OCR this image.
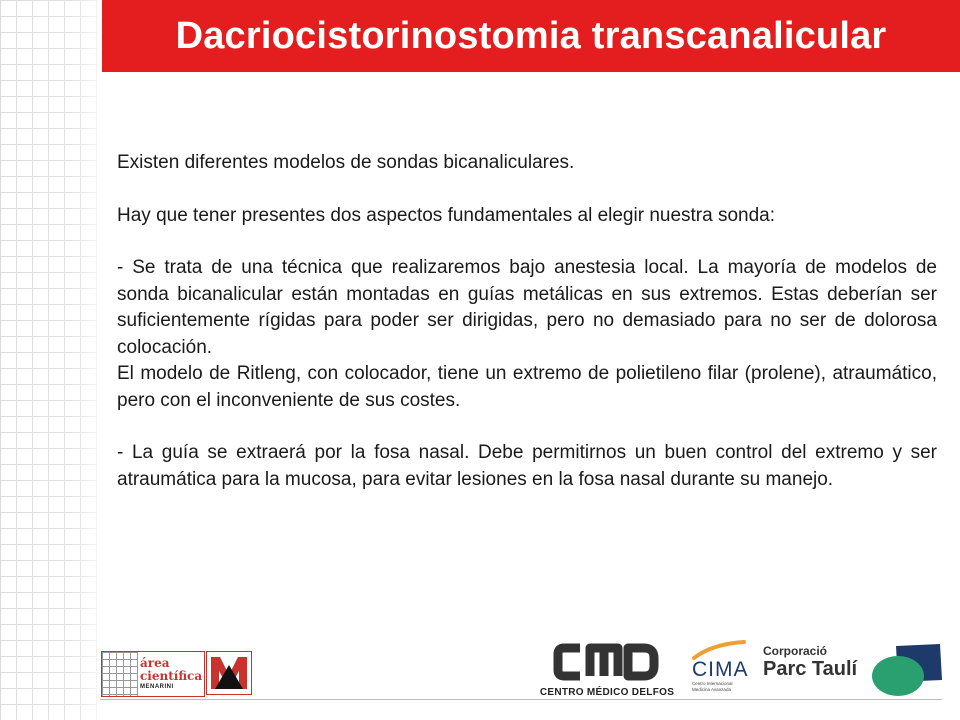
Dacriocistorinostomia transcanalicular

Existen diferentes modelos de sondas bicanaliculares.

Hay que tener presentes dos aspectos fundamentales al elegir nuestra sonda:

- Se trata de una técnica que realizaremos bajo anestesia local. La mayoría de modelos de sonda bicanalicular están montadas en guías metálicas en sus extremos. Estas deberían ser suficientemente rígidas para poder ser dirigidas, pero no demasiado para no ser de dolorosa colocación.

El modelo de Ritleng, con colocador, tiene un extremo de polietileno filar (prolene), atraumático, pero con el inconveniente de sus costes.

- La guía se extraerá por la fosa nasal. Debe permitirnos un buen control del extremo y ser atraumática para la mucosa, para evitar lesiones en la fosa nasal durante su manejo.

área
científica
MENARINI	CENTRO MÉDICO DELFOS
CIMA
Centro Internacional Medicina Avanzada
Corporació
Parc Taulí
